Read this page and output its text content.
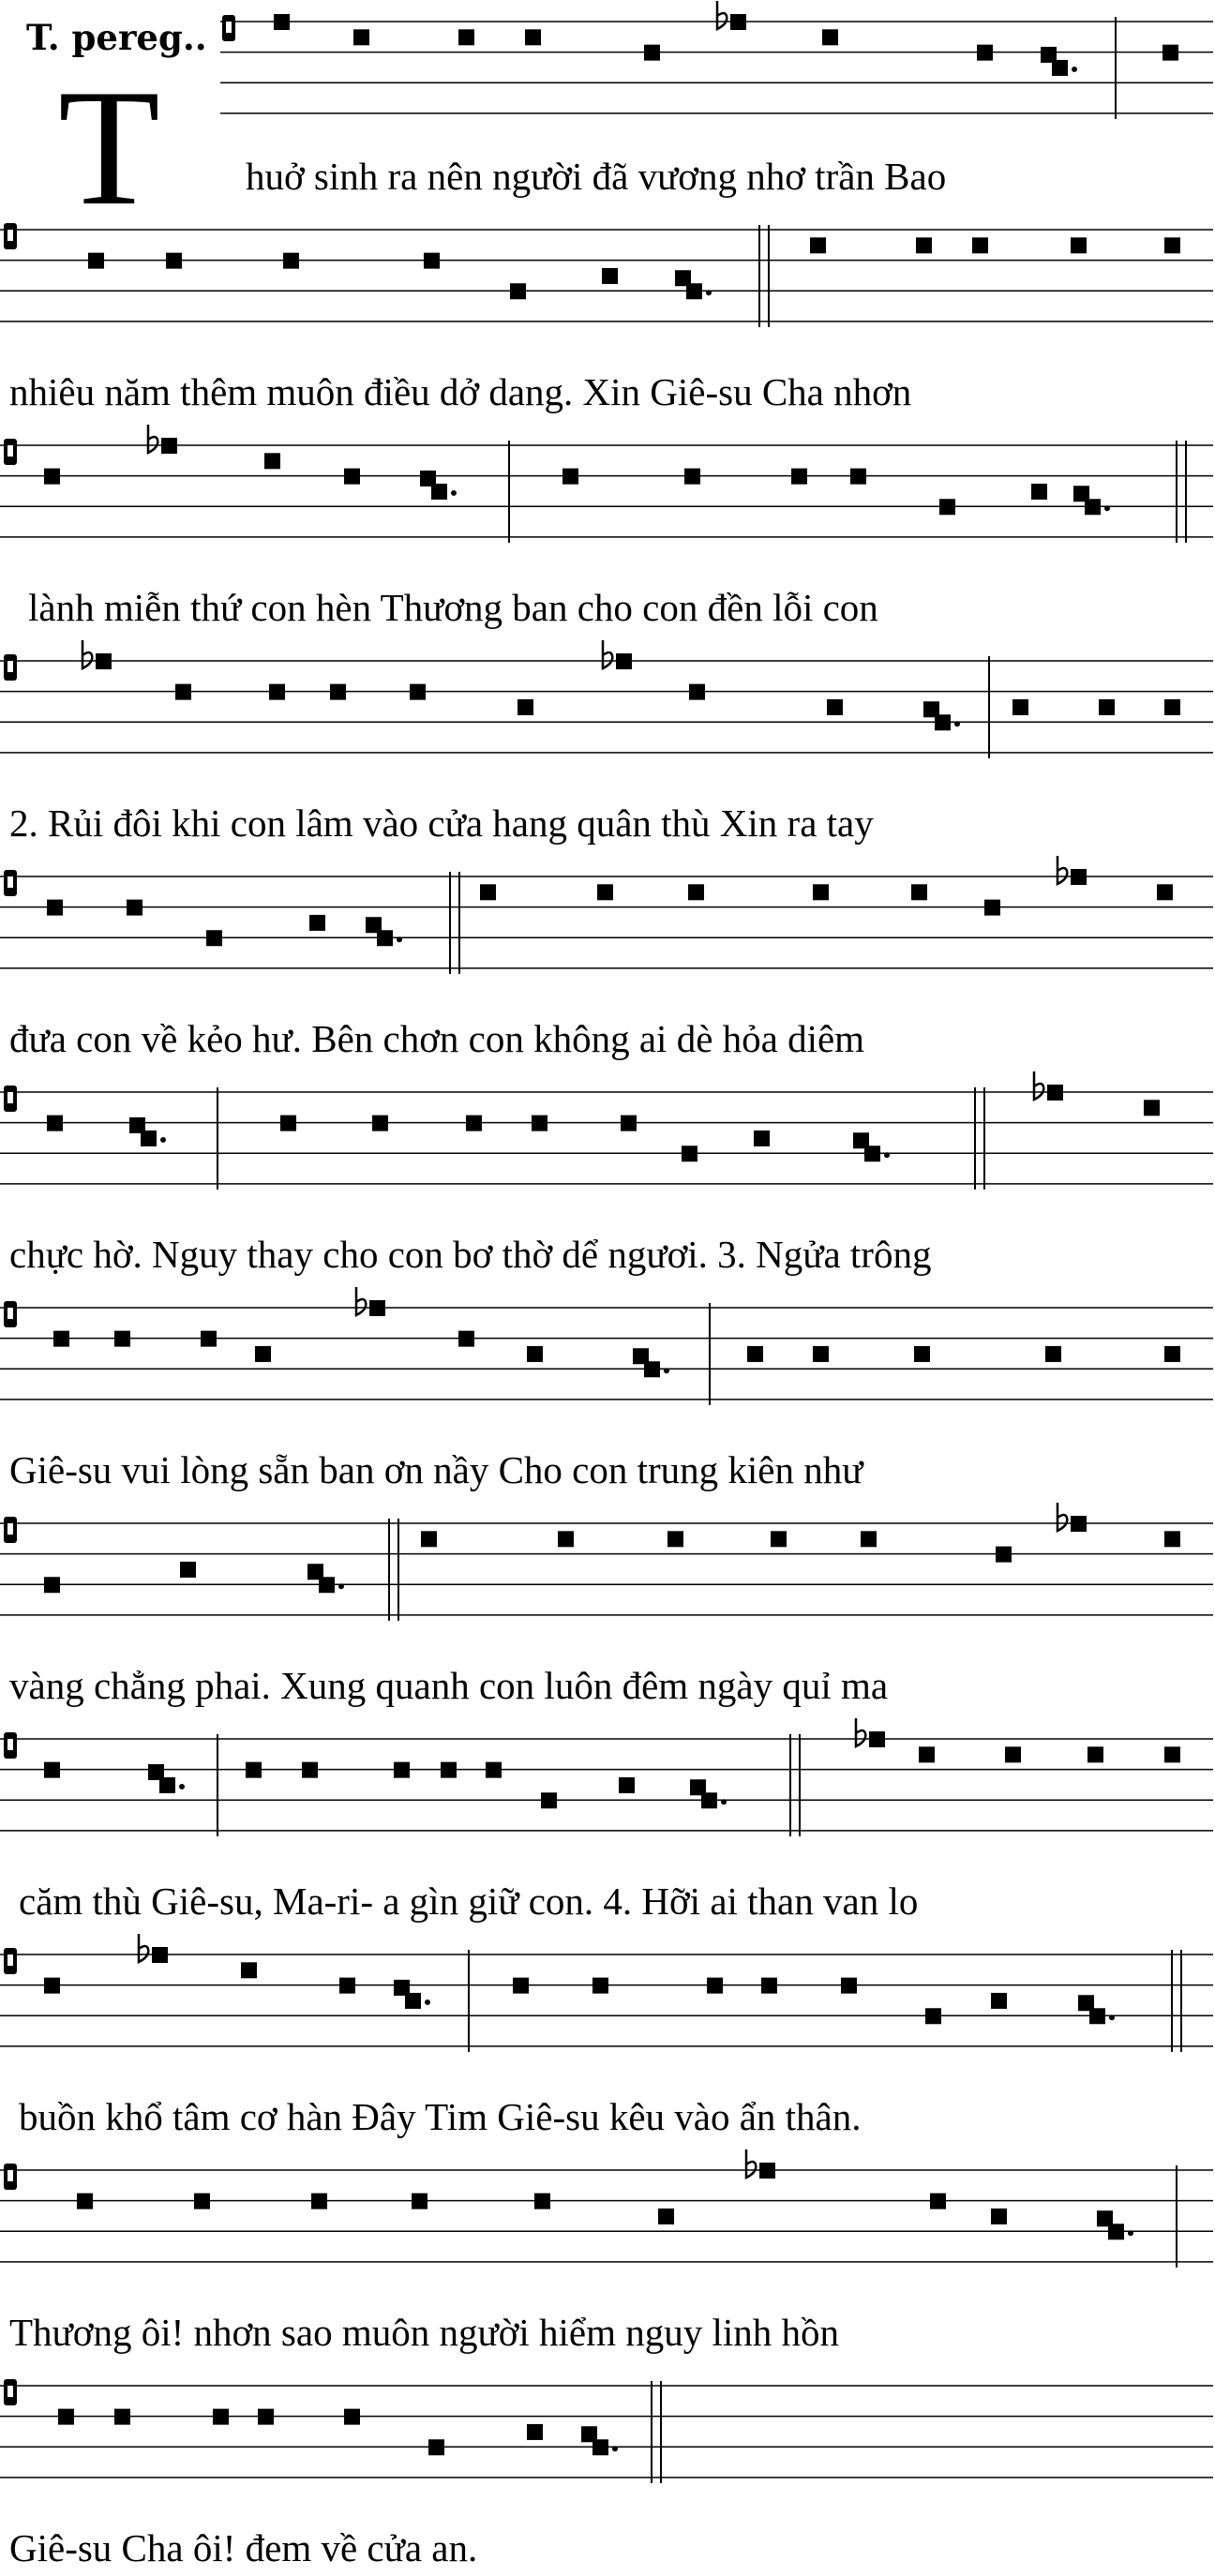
T. pereg..
T huở sinh ra nên người đã vương nhơ trần Bao
nhiêu năm thêm muôn điều dở dang. Xin Giê-su Cha nhơn
lành miễn thứ con hèn Thương ban cho con đền lỗi con
2. Rủi đôi khi con lâm vào cửa hang quân thù Xin ra tay
đưa con về kẻo hư. Bên chơn con không ai dè hỏa diêm
chực hờ. Nguy thay cho con bơ thờ dể ngươi. 3. Ngửa trông
Giê-su vui lòng sẵn ban ơn nầy Cho con trung kiên như
vàng chẳng phai. Xung quanh con luôn đêm ngày quỉ ma
căm thù Giê-su, Ma-ri- a gìn giữ con. 4. Hỡi ai than van lo
buồn khổ tâm cơ hàn Đây Tim Giê-su kêu vào ẩn thân.
Thương ôi! nhơn sao muôn người hiểm nguy linh hồn
Giê-su Cha ôi! đem về cửa an.
